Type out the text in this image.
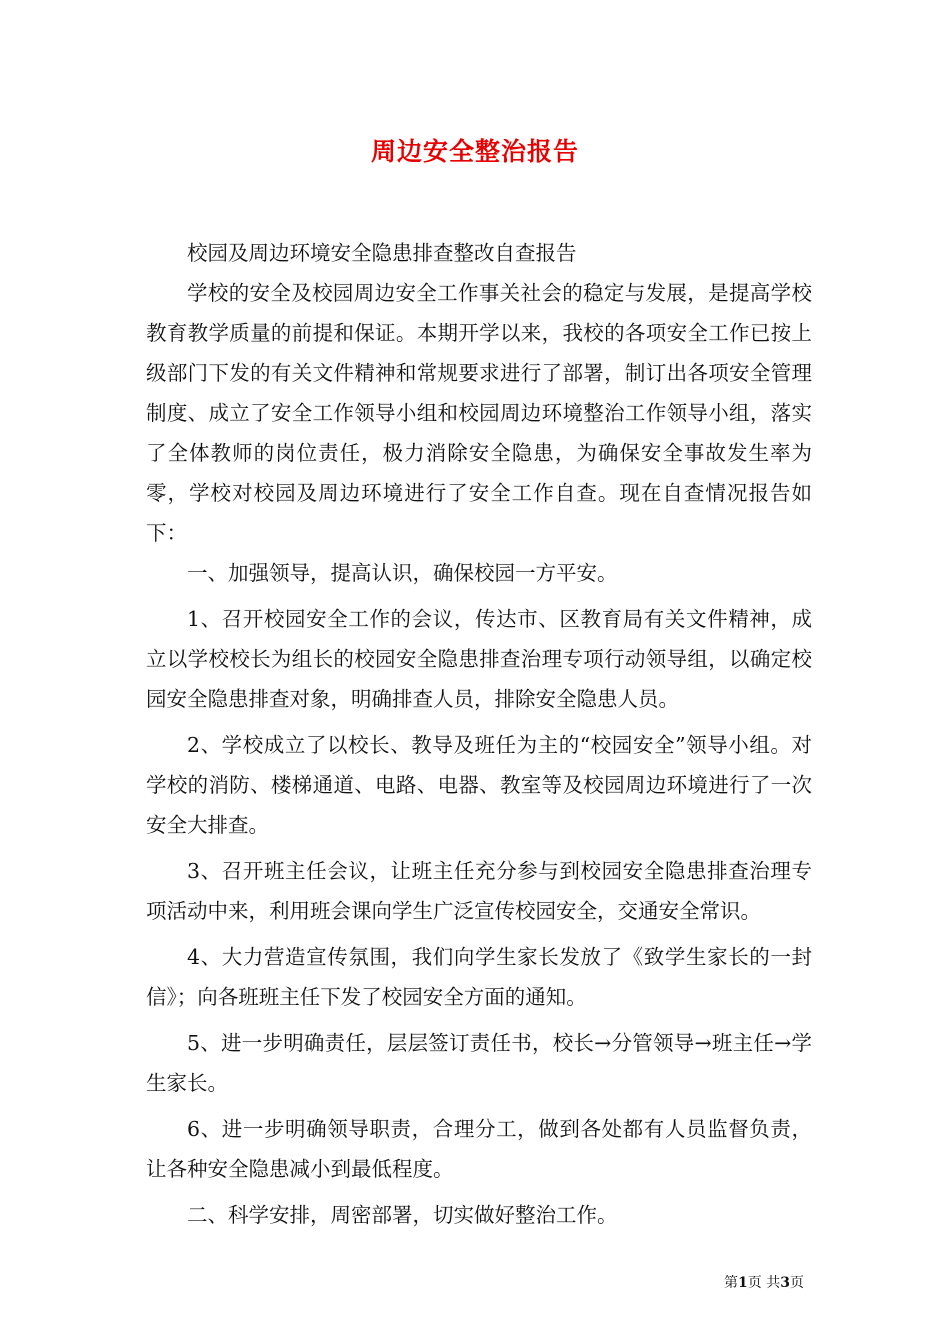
周边安全整治报告

校园及周边环境安全隐患排查整改自查报告

学校的安全及校园周边安全工作事关社会的稳定与发展，是提高学校教育教学质量的前提和保证。本期开学以来，我校的各项安全工作已按上级部门下发的有关文件精神和常规要求进行了部署，制订出各项安全管理制度、成立了安全工作领导小组和校园周边环境整治工作领导小组，落实了全体教师的岗位责任，极力消除安全隐患，为确保安全事故发生率为零，学校对校园及周边环境进行了安全工作自查。现在自查情况报告如下：

一、加强领导，提高认识，确保校园一方平安。

1、召开校园安全工作的会议，传达市、区教育局有关文件精神，成立以学校校长为组长的校园安全隐患排查治理专项行动领导组，以确定校园安全隐患排查对象，明确排查人员，排除安全隐患人员。

2、学校成立了以校长、教导及班任为主的“校园安全”领导小组。对学校的消防、楼梯通道、电路、电器、教室等及校园周边环境进行了一次安全大排查。

3、召开班主任会议，让班主任充分参与到校园安全隐患排查治理专项活动中来，利用班会课向学生广泛宣传校园安全，交通安全常识。

4、大力营造宣传氛围，我们向学生家长发放了《致学生家长的一封信》；向各班班主任下发了校园安全方面的通知。

5、进一步明确责任，层层签订责任书，校长→分管领导→班主任→学生家长。

6、进一步明确领导职责，合理分工，做到各处都有人员监督负责，让各种安全隐患减小到最低程度。

二、科学安排，周密部署，切实做好整治工作。

第1页 共3页
